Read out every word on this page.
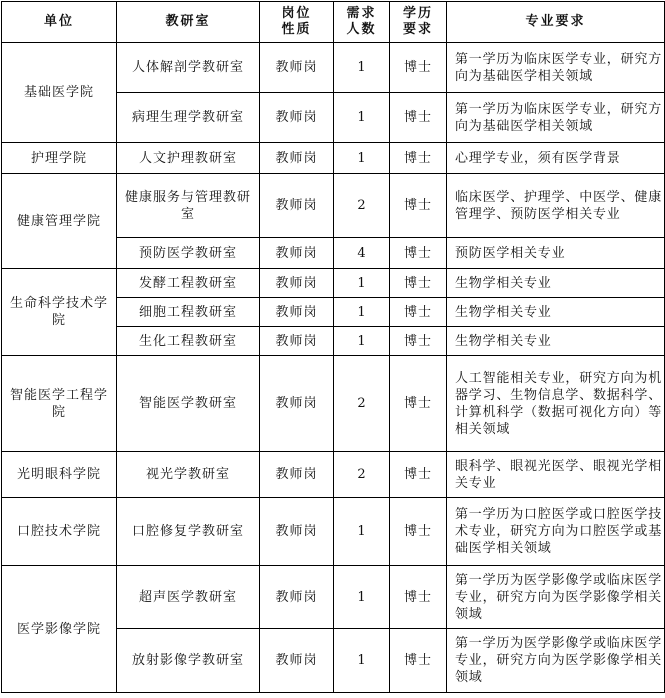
单位	教研室	岗位性质	需求人数	学历要求	专业要求
基础医学院	人体解剖学教研室	教师岗	1	博士	第一学历为临床医学专业，研究方向为基础医学相关领域
	病理生理学教研室	教师岗	1	博士	第一学历为临床医学专业，研究方向为基础医学相关领域
护理学院	人文护理教研室	教师岗	1	博士	心理学专业，须有医学背景
健康管理学院	健康服务与管理教研室	教师岗	2	博士	临床医学、护理学、中医学、健康管理学、预防医学相关专业
	预防医学教研室	教师岗	4	博士	预防医学相关专业
生命科学技术学院	发酵工程教研室	教师岗	1	博士	生物学相关专业
	细胞工程教研室	教师岗	1	博士	生物学相关专业
	生化工程教研室	教师岗	1	博士	生物学相关专业
智能医学工程学院	智能医学教研室	教师岗	2	博士	人工智能相关专业，研究方向为机器学习、生物信息学、数据科学、计算机科学（数据可视化方向）等相关领域
光明眼科学院	视光学教研室	教师岗	2	博士	眼科学、眼视光医学、眼视光学相关专业
口腔技术学院	口腔修复学教研室	教师岗	1	博士	第一学历为口腔医学或口腔医学技术专业，研究方向为口腔医学或基础医学相关领域
医学影像学院	超声医学教研室	教师岗	1	博士	第一学历为医学影像学或临床医学专业，研究方向为医学影像学相关领域
	放射影像学教研室	教师岗	1	博士	第一学历为医学影像学或临床医学专业，研究方向为医学影像学相关领域
